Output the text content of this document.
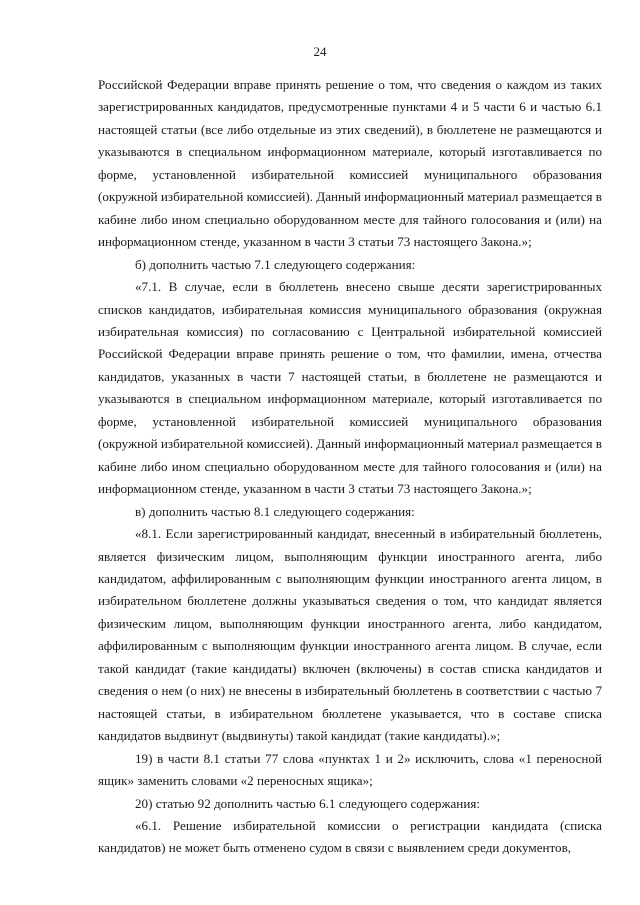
24

Российской Федерации вправе принять решение о том, что сведения о каждом из таких зарегистрированных кандидатов, предусмотренные пунктами 4 и 5 части 6 и частью 6.1 настоящей статьи (все либо отдельные из этих сведений), в бюллетене не размещаются и указываются в специальном информационном материале, который изготавливается по форме, установленной избирательной комиссией муниципального образования (окружной избирательной комиссией). Данный информационный материал размещается в кабине либо ином специально оборудованном месте для тайного голосования и (или) на информационном стенде, указанном в части 3 статьи 73 настоящего Закона.»;

б) дополнить частью 7.1 следующего содержания:

«7.1. В случае, если в бюллетень внесено свыше десяти зарегистрированных списков кандидатов, избирательная комиссия муниципального образования (окружная избирательная комиссия) по согласованию с Центральной избирательной комиссией Российской Федерации вправе принять решение о том, что фамилии, имена, отчества кандидатов, указанных в части 7 настоящей статьи, в бюллетене не размещаются и указываются в специальном информационном материале, который изготавливается по форме, установленной избирательной комиссией муниципального образования (окружной избирательной комиссией). Данный информационный материал размещается в кабине либо ином специально оборудованном месте для тайного голосования и (или) на информационном стенде, указанном в части 3 статьи 73 настоящего Закона.»;

в) дополнить частью 8.1 следующего содержания:

«8.1. Если зарегистрированный кандидат, внесенный в избирательный бюллетень, является физическим лицом, выполняющим функции иностранного агента, либо кандидатом, аффилированным с выполняющим функции иностранного агента лицом, в избирательном бюллетене должны указываться сведения о том, что кандидат является физическим лицом, выполняющим функции иностранного агента, либо кандидатом, аффилированным с выполняющим функции иностранного агента лицом. В случае, если такой кандидат (такие кандидаты) включен (включены) в состав списка кандидатов и сведения о нем (о них) не внесены в избирательный бюллетень в соответствии с частью 7 настоящей статьи, в избирательном бюллетене указывается, что в составе списка кандидатов выдвинут (выдвинуты) такой кандидат (такие кандидаты).»;

19) в части 8.1 статьи 77 слова «пунктах 1 и 2» исключить, слова «1 переносной ящик» заменить словами «2 переносных ящика»;

20) статью 92 дополнить частью 6.1 следующего содержания:

«6.1. Решение избирательной комиссии о регистрации кандидата (списка кандидатов) не может быть отменено судом в связи с выявлением среди документов,
